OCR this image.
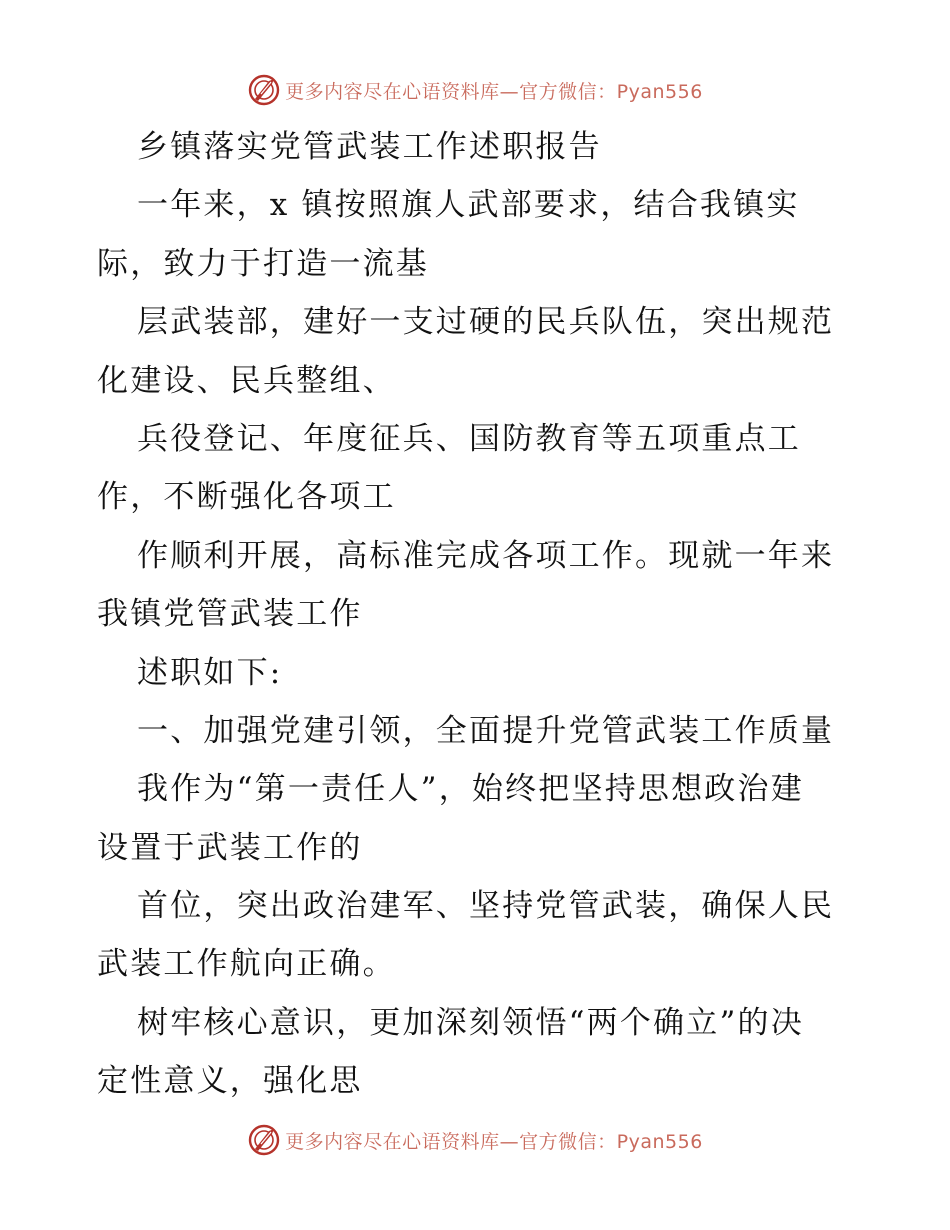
更多内容尽在心语资料库—官方微信：Pyan556
乡镇落实党管武装工作述职报告
一年来，x 镇按照旗人武部要求，结合我镇实
际，致力于打造一流基
层武装部，建好一支过硬的民兵队伍，突出规范
化建设、民兵整组、
兵役登记、年度征兵、国防教育等五项重点工
作，不断强化各项工
作顺利开展，高标准完成各项工作。现就一年来
我镇党管武装工作
述职如下:
一、加强党建引领，全面提升党管武装工作质量
我作为“第一责任人”，始终把坚持思想政治建
设置于武装工作的
首位，突出政治建军、坚持党管武装，确保人民
武装工作航向正确。
树牢核心意识，更加深刻领悟“两个确立”的决
定性意义，强化思
更多内容尽在心语资料库—官方微信：Pyan556
